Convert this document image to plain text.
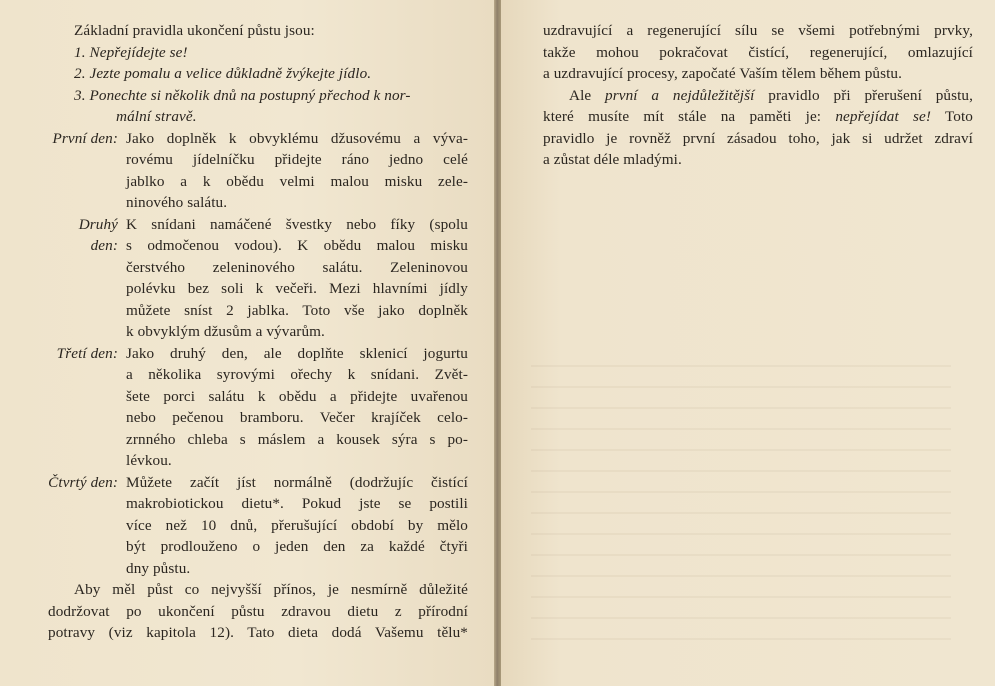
Základní pravidla ukončení půstu jsou:
1. Nepřejídejte se!
2. Jezte pomalu a velice důkladně žvýkejte jídlo.
3. Ponechte si několik dnů na postupný přechod k nor-
mální stravě.
První den: Jako doplněk k obvyklému džusovému a vývа-
rovému jídelníčku přidejte ráno jedno celé
jablko a k obědu velmi malou misku zele-
ninového salátu.
Druhý den:
K snídani namáčené švestky nebo fíky (spolu
s odmočenou vodou). K obědu malou misku
čerstvého zeleninového salátu. Zeleninovou
polévku bez soli k večeři. Mezi hlavními jídly
můžete sníst 2 jablka. Toto vše jako doplněk
k obvyklým džusům a vývarům.
Třetí den: Jako druhý den, ale doplňte sklenicí jogurtu
a několika syrovými ořechy k snídani. Zvět-
šete porci salátu k obědu a přidejte uvařenou
nebo pečenou bramboru. Večer krajíček celo-
zrnného chleba s máslem a kousek sýra s po-
lévkou.
Čtvrtý den: Můžete začít jíst normálně (dodržujíc čistící
makrobiotickou dietu*. Pokud jste se postili
více než 10 dnů, přerušující období by mělo
být prodlouženo o jeden den za každé čtyři
dny půstu.
Aby měl půst co nejvyšší přínos, je nesmírně důležité
dodržovat po ukončení půstu zdravou dietu z přírodní
potravy (viz kapitola 12). Tato dieta dodá Vašemu tělu*
uzdravující a regenerující sílu se všemi potřebnými prvky,
takže mohou pokračovat čistící, regenerující, omlazující
a uzdravující procesy, započaté Vaším tělem během půstu.
Ale první a nejdůležitější pravidlo při přerušení půstu,
které musíte mít stále na paměti je: nepřejídat se! Toto
pravidlo je rovněž první zásadou toho, jak si udržet zdraví
a zůstat déle mladými.
